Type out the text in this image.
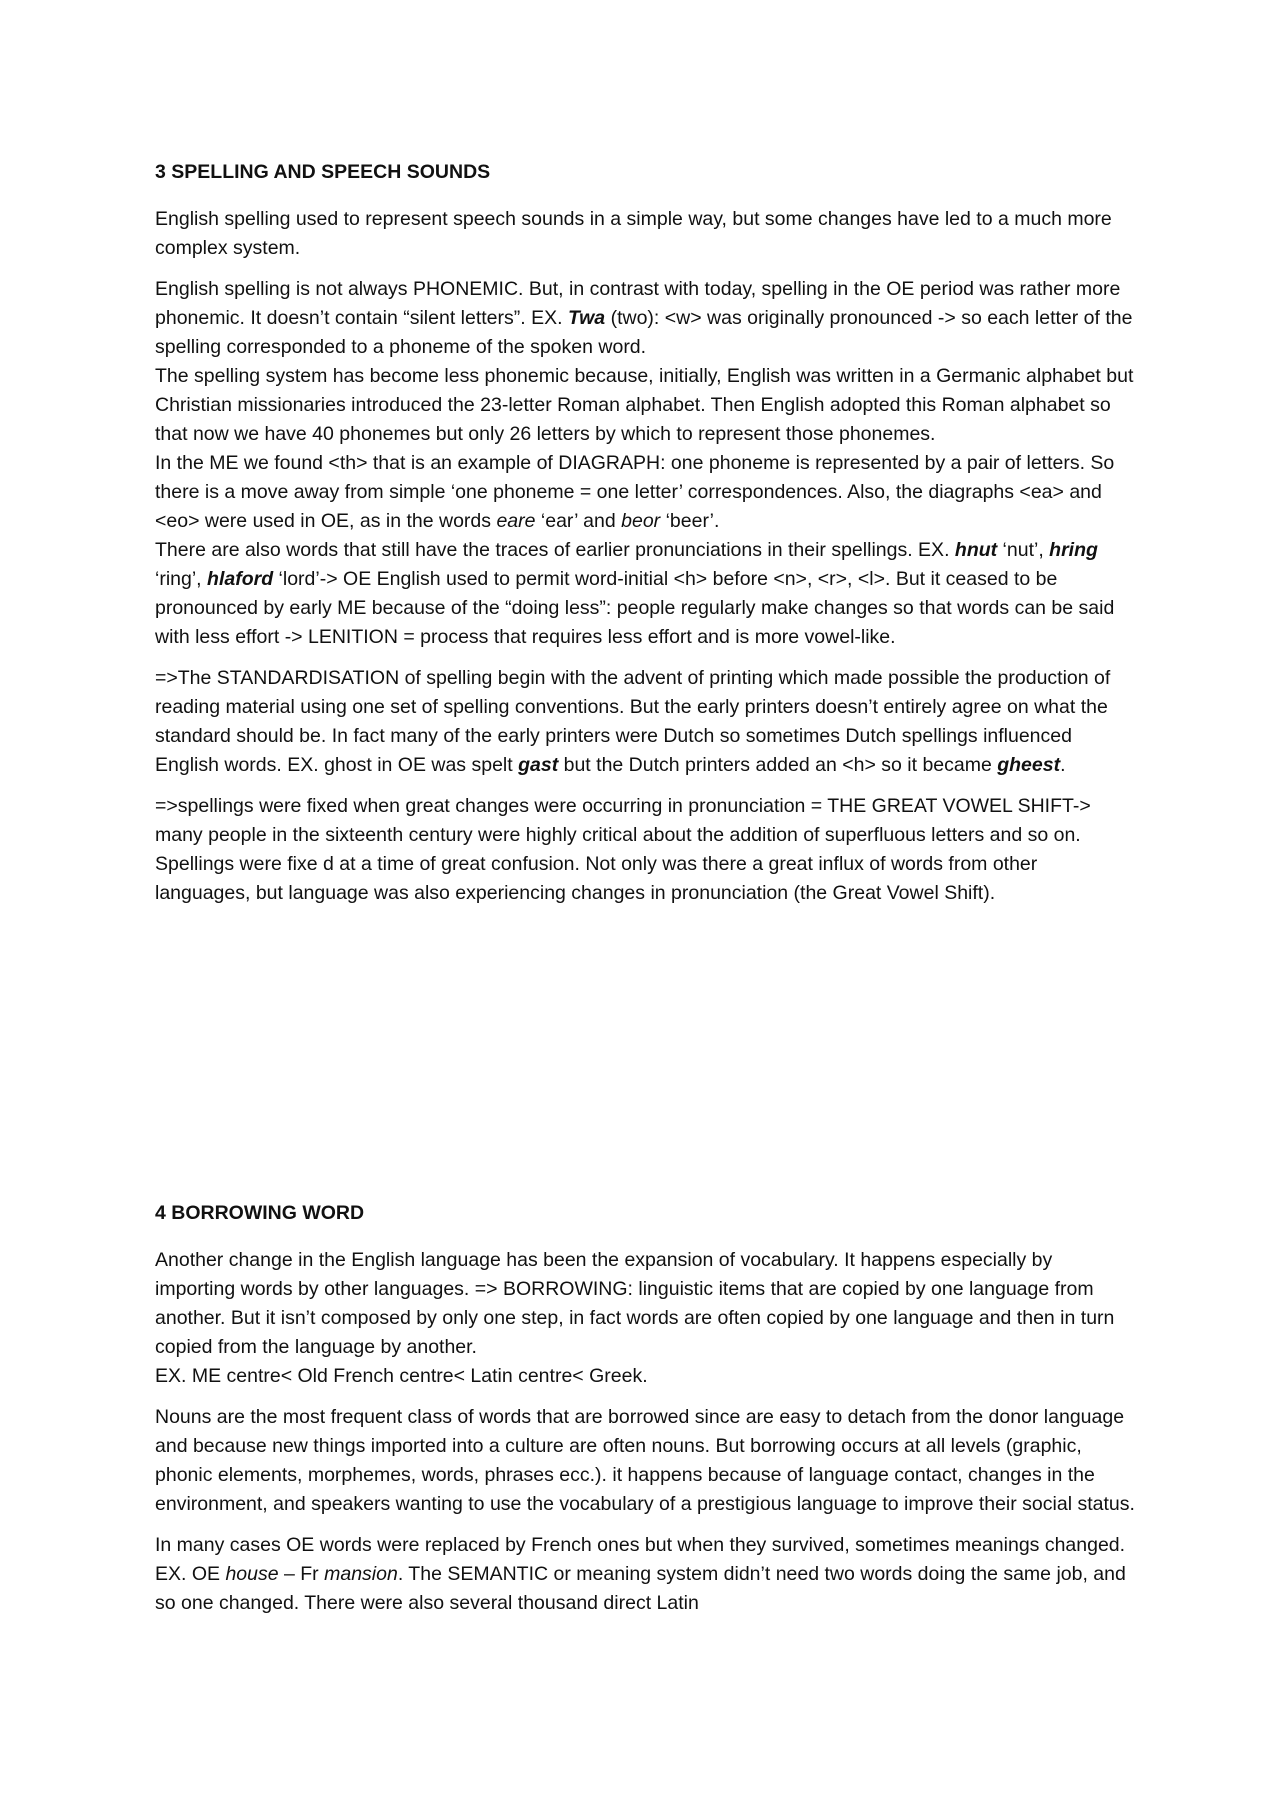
3 SPELLING AND SPEECH SOUNDS

English spelling used to represent speech sounds in a simple way, but some changes have led to a much more complex system.

English spelling is not always PHONEMIC. But, in contrast with today, spelling in the OE period was rather more phonemic. It doesn’t contain “silent letters”. EX. Twa (two): <w> was originally pronounced -> so each letter of the spelling corresponded to a phoneme of the spoken word.
The spelling system has become less phonemic because, initially, English was written in a Germanic alphabet but Christian missionaries introduced the 23-letter Roman alphabet. Then English adopted this Roman alphabet so that now we have 40 phonemes but only 26 letters by which to represent those phonemes.
In the ME we found <th> that is an example of DIAGRAPH: one phoneme is represented by a pair of letters. So there is a move away from simple ‘one phoneme = one letter’ correspondences. Also, the diagraphs <ea> and <eo> were used in OE, as in the words eare ‘ear’ and beor ‘beer’.
There are also words that still have the traces of earlier pronunciations in their spellings. EX. hnut ‘nut’, hring ‘ring’, hlaford ‘lord’-> OE English used to permit word-initial <h> before <n>, <r>, <l>. But it ceased to be pronounced by early ME because of the “doing less”: people regularly make changes so that words can be said with less effort -> LENITION = process that requires less effort and is more vowel-like.

=>The STANDARDISATION of spelling begin with the advent of printing which made possible the production of reading material using one set of spelling conventions. But the early printers doesn’t entirely agree on what the standard should be. In fact many of the early printers were Dutch so sometimes Dutch spellings influenced English words. EX. ghost in OE was spelt gast but the Dutch printers added an <h> so it became gheest.

=>spellings were fixed when great changes were occurring in pronunciation = THE GREAT VOWEL SHIFT-> many people in the sixteenth century were highly critical about the addition of superfluous letters and so on. Spellings were fixe d at a time of great confusion. Not only was there a great influx of words from other languages, but language was also experiencing changes in pronunciation (the Great Vowel Shift).

4 BORROWING WORD

Another change in the English language has been the expansion of vocabulary. It happens especially by importing words by other languages. => BORROWING: linguistic items that are copied by one language from another. But it isn’t composed by only one step, in fact words are often copied by one language and then in turn copied from the language by another.
EX. ME centre< Old French centre< Latin centre< Greek.

Nouns are the most frequent class of words that are borrowed since are easy to detach from the donor language and because new things imported into a culture are often nouns. But borrowing occurs at all levels (graphic, phonic elements, morphemes, words, phrases ecc.). it happens because of language contact, changes in the environment, and speakers wanting to use the vocabulary of a prestigious language to improve their social status.

In many cases OE words were replaced by French ones but when they survived, sometimes meanings changed. EX. OE house – Fr mansion. The SEMANTIC or meaning system didn’t need two words doing the same job, and so one changed. There were also several thousand direct Latin
